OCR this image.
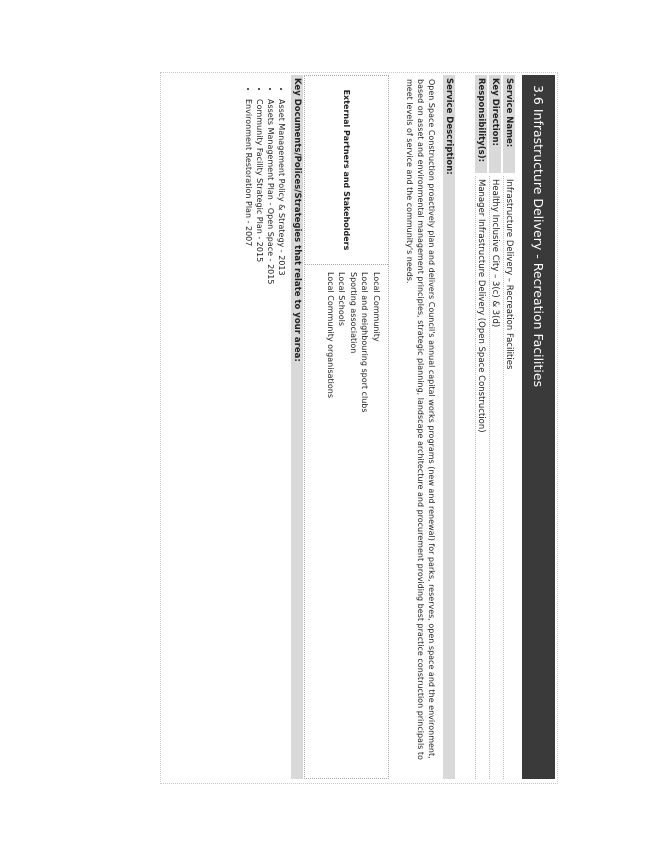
3.6 Infrastructure Delivery - Recreation Facilities
Service Name:
Infrastructure Delivery – Recreation Facilities
Key Direction:
Healthy Inclusive City – 3(c) & 3(d)
Responsibility(s):
Manager Infrastructure Delivery (Open Space Construction)
Service Description:
Open Space Construction proactively plan and delivers Council's annual capital works programs (new and renewal) for parks, reserves, open space and the environment, based on asset and environmental management principles, strategic planning, landscape architecture and procurement providing best practice construction principals to meet levels of service and the community's needs.
External Partners and Stakeholders
Local Community
Local and neighbouring sport clubs
Sporting association
Local Schools
Local Community organisations
Key Documents/Polices/Strategies that relate to your area:
• Asset Management Policy & Strategy - 2013
• Assets Management Plan - Open Space - 2015
• Community Facility Strategic Plan - 2015
• Environment Restoration Plan - 2007
